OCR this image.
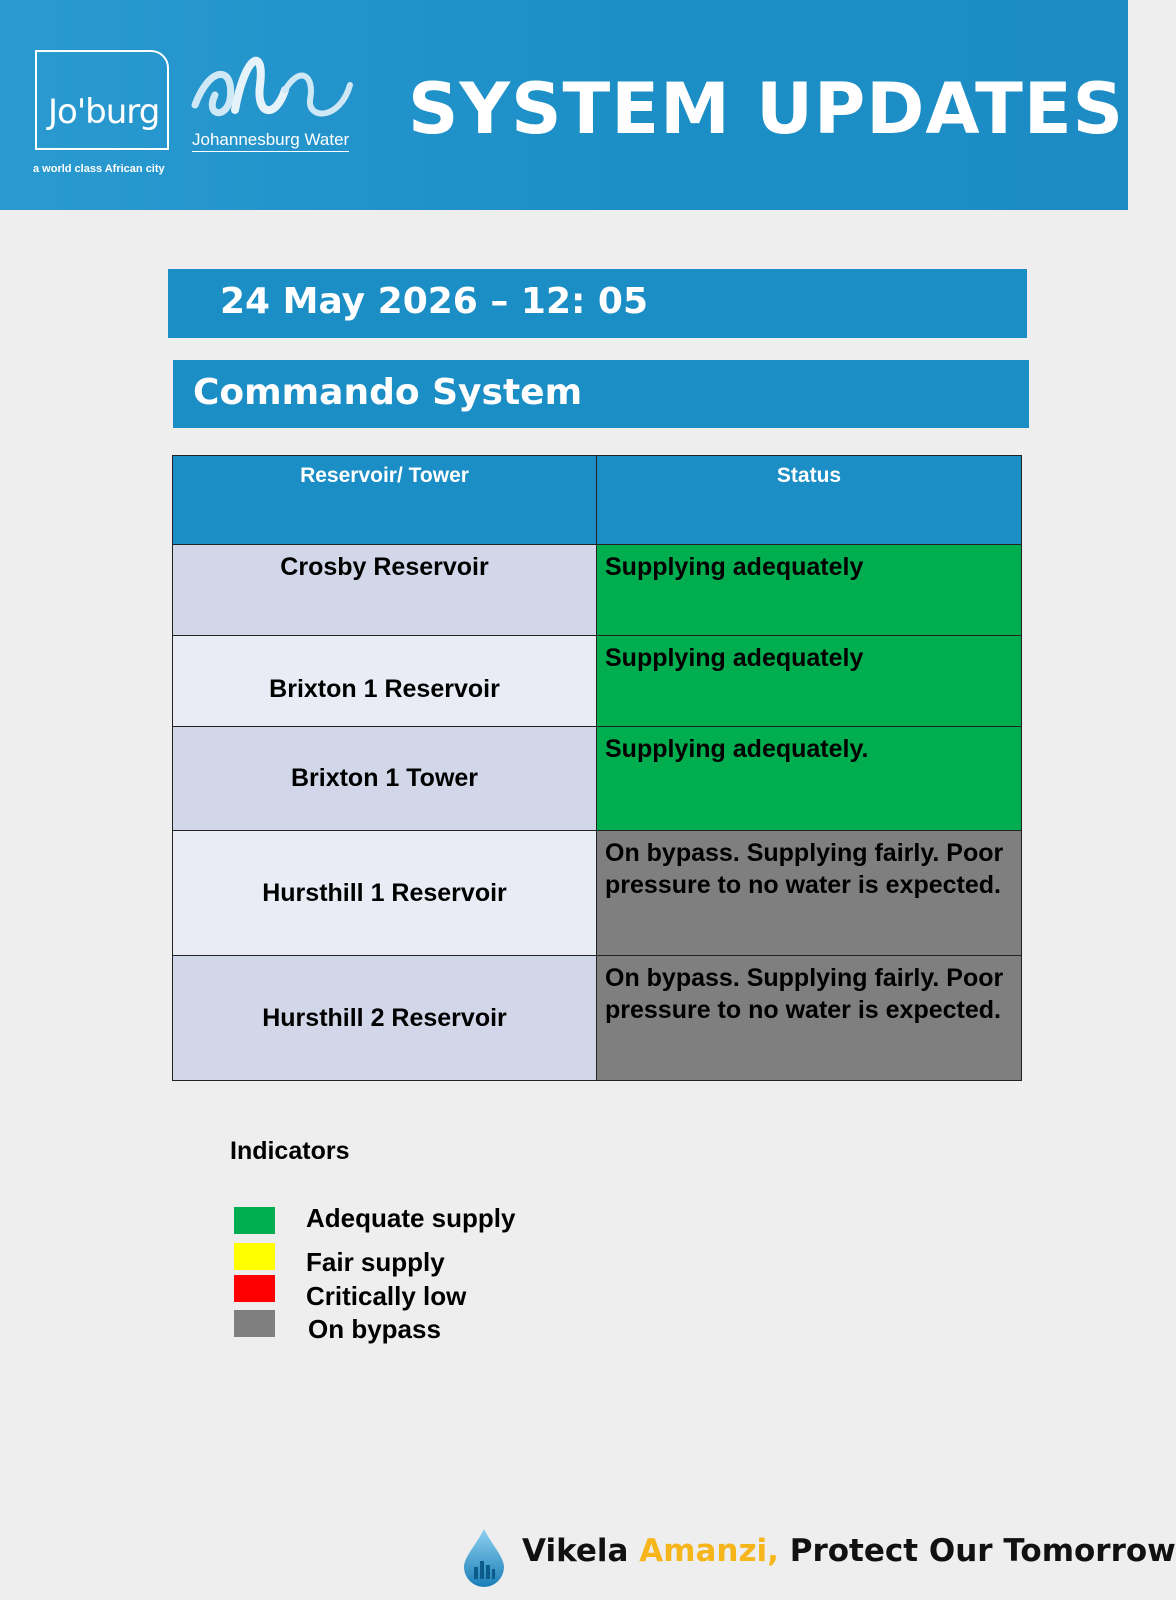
Jo'burg
a world class African city
Johannesburg Water SYSTEM UPDATES
24 May 2026 – 12: 05
Commando System
Reservoir/ Tower	Status
Crosby Reservoir	Supplying adequately
Brixton 1 Reservoir	Supplying adequately
Brixton 1 Tower	Supplying adequately.
Hursthill 1 Reservoir	On bypass. Supplying fairly. Poor pressure to no water is expected.
Hursthill 2 Reservoir	On bypass. Supplying fairly. Poor pressure to no water is expected.
Indicators
Adequate supply
Fair supply
Critically low
On bypass
Vikela Amanzi, Protect Our Tomorrow
